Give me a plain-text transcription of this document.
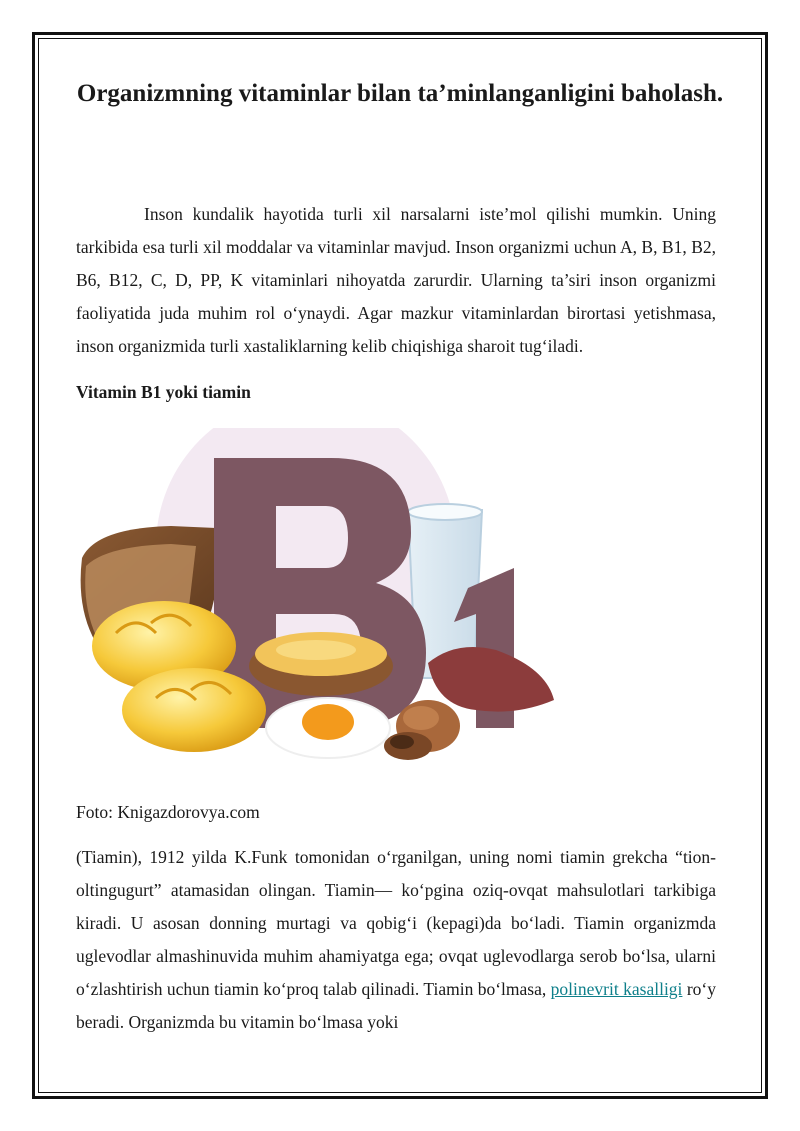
Organizmning vitaminlar bilan ta’minlanganligini baholash.

Inson kundalik hayotida turli xil narsalarni iste’mol qilishi mumkin. Uning tarkibida esa turli xil moddalar va vitaminlar mavjud. Inson organizmi uchun A, B, B1, B2, B6, B12, C, D, PP, K vitaminlari nihoyatda zarurdir. Ularning ta’siri inson organizmi faoliyatida juda muhim rol o‘ynaydi. Agar mazkur vitaminlardan birortasi yetishmasa, inson organizmida turli xastaliklarning kelib chiqishiga sharoit tug‘iladi.

Vitamin B1 yoki tiamin

Foto: Knigazdorovya.com

(Tiamin), 1912 yilda K.Funk tomonidan o‘rganilgan, uning nomi tiamin grekcha “tion-oltingugurt” atamasidan olingan. Tiamin— ko‘pgina oziq-ovqat mahsulotlari tarkibiga kiradi. U asosan donning murtagi va qobig‘i (kepagi)da bo‘ladi. Tiamin organizmda uglevodlar almashinuvida muhim ahamiyatga ega; ovqat uglevodlarga serob bo‘lsa, ularni o‘zlashtirish uchun tiamin ko‘proq talab qilinadi. Tiamin bo‘lmasa, polinevrit kasalligi ro‘y beradi. Organizmda bu vitamin bo‘lmasa yoki
